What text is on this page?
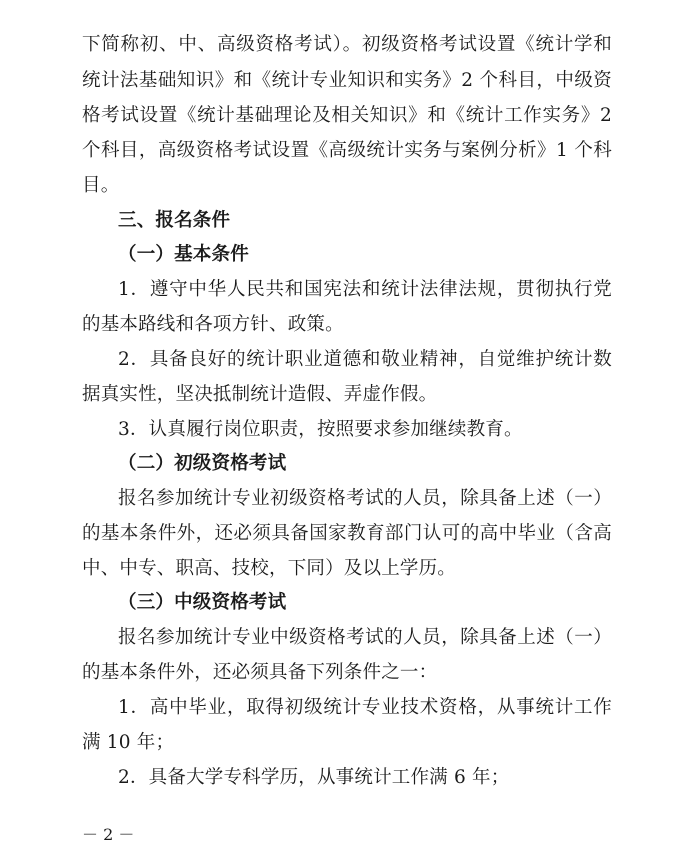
下简称初、中、高级资格考试）。初级资格考试设置《统计学和
统计法基础知识》和《统计专业知识和实务》2 个科目，中级资
格考试设置《统计基础理论及相关知识》和《统计工作实务》2
个科目，高级资格考试设置《高级统计实务与案例分析》1 个科
目。
三、报名条件
（一）基本条件
1．遵守中华人民共和国宪法和统计法律法规，贯彻执行党
的基本路线和各项方针、政策。
2．具备良好的统计职业道德和敬业精神，自觉维护统计数
据真实性，坚决抵制统计造假、弄虚作假。
3．认真履行岗位职责，按照要求参加继续教育。
（二）初级资格考试
报名参加统计专业初级资格考试的人员，除具备上述（一）
的基本条件外，还必须具备国家教育部门认可的高中毕业（含高
中、中专、职高、技校，下同）及以上学历。
（三）中级资格考试
报名参加统计专业中级资格考试的人员，除具备上述（一）
的基本条件外，还必须具备下列条件之一：
1．高中毕业，取得初级统计专业技术资格，从事统计工作
满 10 年；
2．具备大学专科学历，从事统计工作满 6 年；
－ 2 －
